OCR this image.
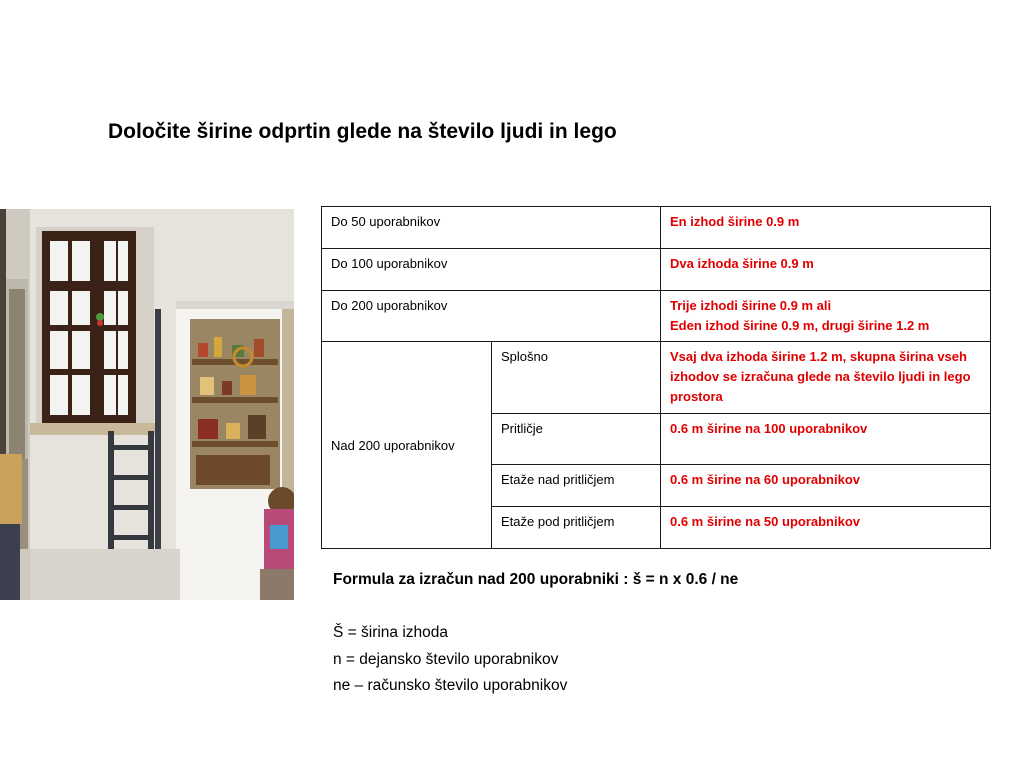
Določite širine odprtin glede na število ljudi in lego
Do 50 uporabnikov		En izhod širine 0.9 m
Do 100 uporabnikov		Dva izhoda širine 0.9 m
Do 200 uporabnikov		Trije izhodi širine 0.9 m ali
Eden izhod širine 0.9 m, drugi širine 1.2 m

Nad 200 uporabnikov	Splošno	Vsaj dva izhoda širine 1.2 m, skupna širina vseh izhodov se izračuna glede na število ljudi in lego prostora
	Pritličje	0.6 m širine na 100 uporabnikov
	Etaže nad pritličjem	0.6 m širine na 60 uporabnikov
	Etaže pod pritličjem	0.6 m širine na 50 uporabnikov
Formula za izračun nad 200 uporabniki : š = n x 0.6 / ne
Š = širina izhoda
n = dejansko število uporabnikov
ne – računsko število uporabnikov
